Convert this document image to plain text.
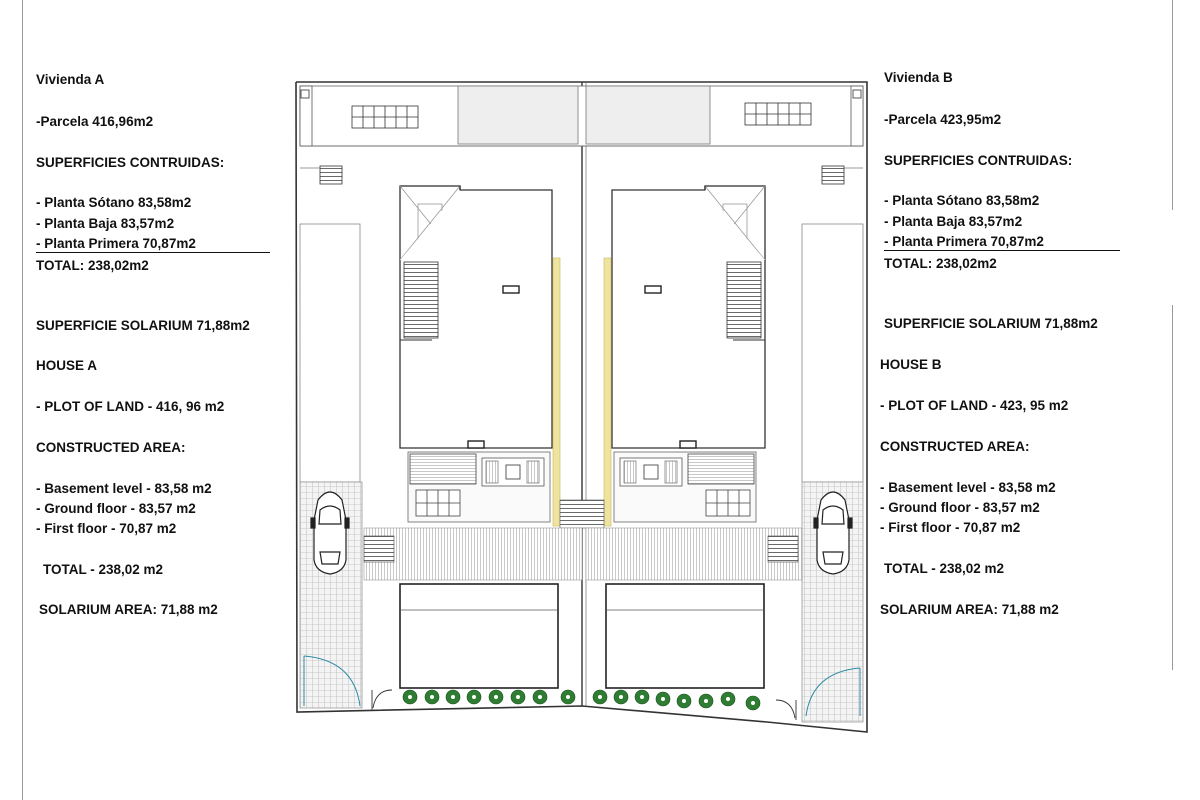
Vivienda A
-Parcela 416,96m2
SUPERFICIES CONTRUIDAS:
- Planta Sótano 83,58m2
- Planta Baja 83,57m2
- Planta Primera 70,87m2
TOTAL: 238,02m2
SUPERFICIE SOLARIUM 71,88m2
HOUSE A
- PLOT OF LAND - 416, 96 m2
CONSTRUCTED AREA:
- Basement level - 83,58 m2
- Ground floor - 83,57 m2
- First floor - 70,87 m2
TOTAL - 238,02 m2
SOLARIUM AREA: 71,88 m2
Vivienda B
-Parcela 423,95m2
SUPERFICIES CONTRUIDAS:
- Planta Sótano 83,58m2
- Planta Baja 83,57m2
- Planta Primera 70,87m2
TOTAL: 238,02m2
SUPERFICIE SOLARIUM 71,88m2
HOUSE B
- PLOT OF LAND - 423, 95 m2
CONSTRUCTED AREA:
- Basement level - 83,58 m2
- Ground floor - 83,57 m2
- First floor - 70,87 m2
TOTAL - 238,02 m2
SOLARIUM AREA: 71,88 m2
